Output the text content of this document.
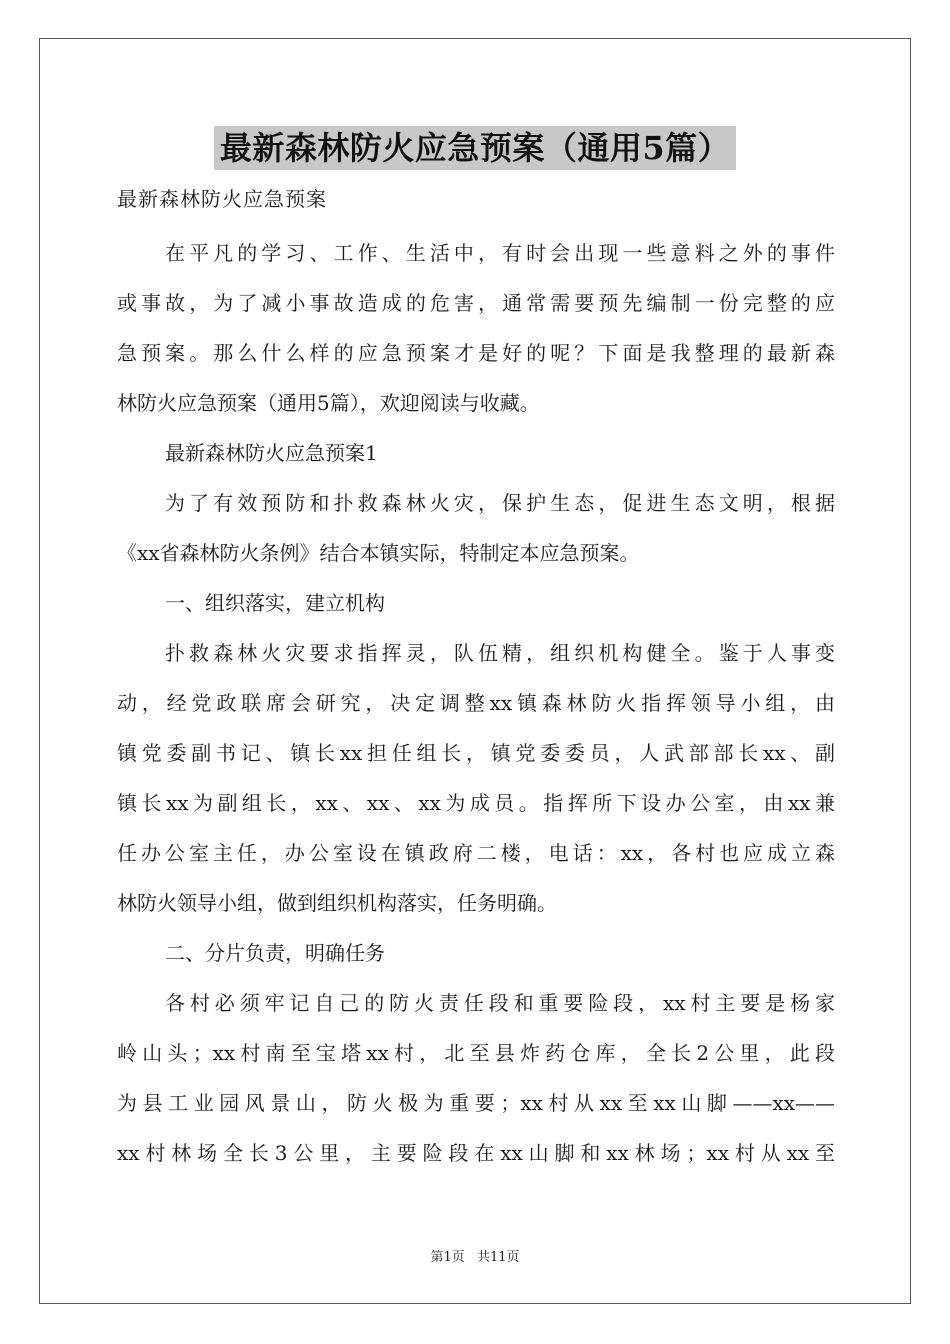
最新森林防火应急预案（通用5篇）
最新森林防火应急预案
在平凡的学习、工作、生活中，有时会出现一些意料之外的事件
或事故，为了减小事故造成的危害，通常需要预先编制一份完整的应
急预案。那么什么样的应急预案才是好的呢？下面是我整理的最新森
林防火应急预案（通用5篇），欢迎阅读与收藏。
最新森林防火应急预案1
为了有效预防和扑救森林火灾，保护生态，促进生态文明，根据
《xx省森林防火条例》结合本镇实际，特制定本应急预案。
一、组织落实，建立机构
扑救森林火灾要求指挥灵，队伍精，组织机构健全。鉴于人事变
动，经党政联席会研究，决定调整xx镇森林防火指挥领导小组，由
镇党委副书记、镇长xx担任组长，镇党委委员，人武部部长xx、副
镇长xx为副组长，xx、xx、xx为成员。指挥所下设办公室，由xx兼
任办公室主任，办公室设在镇政府二楼，电话：xx，各村也应成立森
林防火领导小组，做到组织机构落实，任务明确。
二、分片负责，明确任务
各村必须牢记自己的防火责任段和重要险段，xx村主要是杨家
岭山头；xx村南至宝塔xx村，北至县炸药仓库，全长2公里，此段
为县工业园风景山，防火极为重要；xx村从xx至xx山脚——xx——
xx村林场全长3公里，主要险段在xx山脚和xx林场；xx村从xx至
第1页 共11页
